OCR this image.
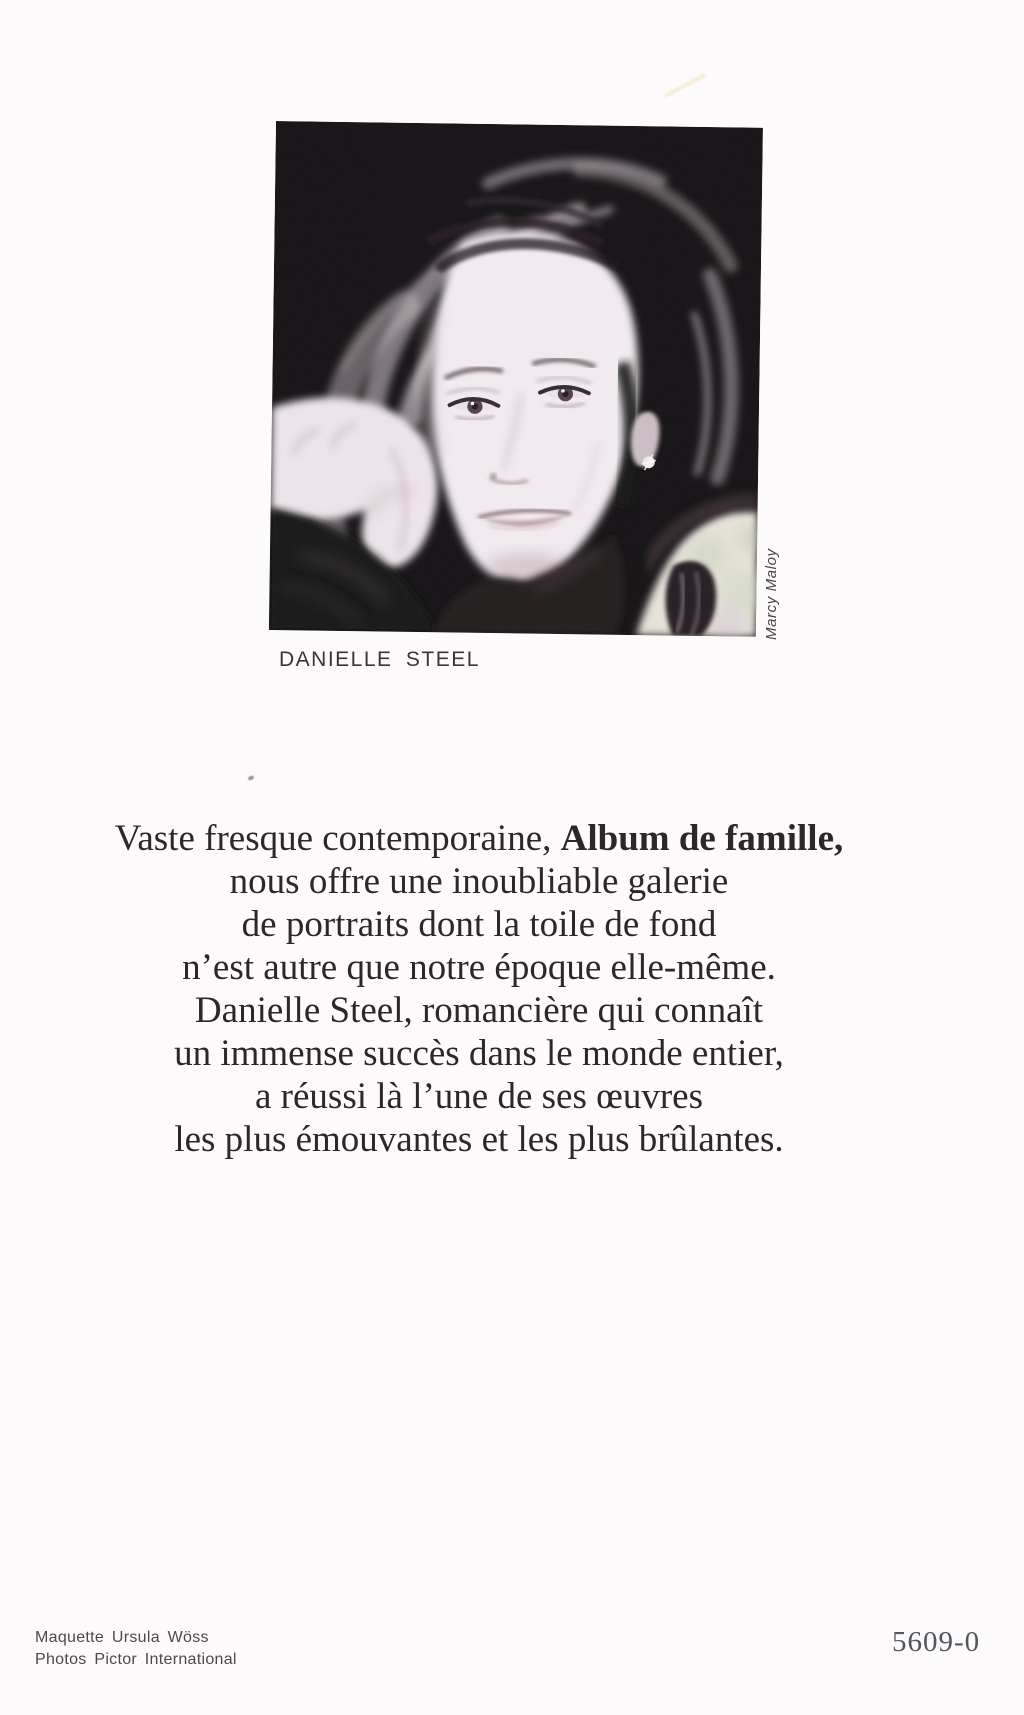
Marcy Maloy
DANIELLE STEEL

Vaste fresque contemporaine, Album de famille,

nous offre une inoubliable galerie

de portraits dont la toile de fond

n’est autre que notre époque elle-même.

Danielle Steel, romancière qui connaît

un immense succès dans le monde entier,

a réussi là l’une de ses œuvres

les plus émouvantes et les plus brûlantes.

Maquette Ursula Wöss
Photos Pictor International
5609-0
